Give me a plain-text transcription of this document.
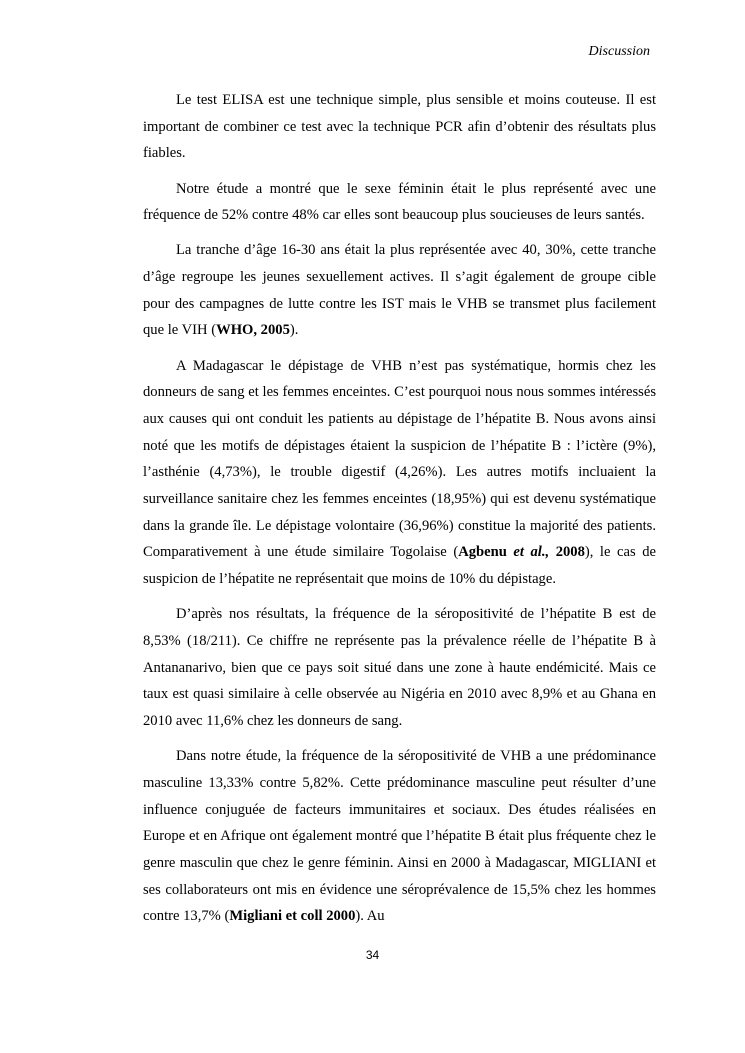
Discussion

Le test ELISA est une technique simple, plus sensible et moins couteuse. Il est important de combiner ce test avec la technique PCR afin d’obtenir des résultats plus fiables.

Notre étude a montré que le sexe féminin était le plus représenté avec une fréquence de 52% contre 48% car elles sont beaucoup plus soucieuses de leurs santés.

La tranche d’âge 16-30 ans était la plus représentée avec 40, 30%, cette tranche d’âge regroupe les jeunes sexuellement actives. Il s’agit également de groupe cible pour des campagnes de lutte contre les IST mais le VHB se transmet plus facilement que le VIH (WHO, 2005).

A Madagascar le dépistage de VHB n’est pas systématique, hormis chez les donneurs de sang et les femmes enceintes. C’est pourquoi nous nous sommes intéressés aux causes qui ont conduit les patients au dépistage de l’hépatite B. Nous avons ainsi noté que les motifs de dépistages étaient la suspicion de l’hépatite B : l’ictère (9%), l’asthénie (4,73%), le trouble digestif (4,26%). Les autres motifs incluaient la surveillance sanitaire chez les femmes enceintes (18,95%) qui est devenu systématique dans la grande île. Le dépistage volontaire (36,96%) constitue la majorité des patients. Comparativement à une étude similaire Togolaise (Agbenu et al., 2008), le cas de suspicion de l’hépatite ne représentait que moins de 10% du dépistage.

D’après nos résultats, la fréquence de la séropositivité de l’hépatite B est de 8,53% (18/211). Ce chiffre ne représente pas la prévalence réelle de l’hépatite B à Antananarivo, bien que ce pays soit situé dans une zone à haute endémicité. Mais ce taux est quasi similaire à celle observée au Nigéria en 2010 avec 8,9% et au Ghana en 2010 avec 11,6% chez les donneurs de sang.

Dans notre étude, la fréquence de la séropositivité de VHB a une prédominance masculine 13,33% contre 5,82%. Cette prédominance masculine peut résulter d’une influence conjuguée de facteurs immunitaires et sociaux. Des études réalisées en Europe et en Afrique ont également montré que l’hépatite B était plus fréquente chez le genre masculin que chez le genre féminin. Ainsi en 2000 à Madagascar, MIGLIANI et ses collaborateurs ont mis en évidence une séroprévalence de 15,5% chez les hommes contre 13,7% (Migliani et coll 2000). Au

34
